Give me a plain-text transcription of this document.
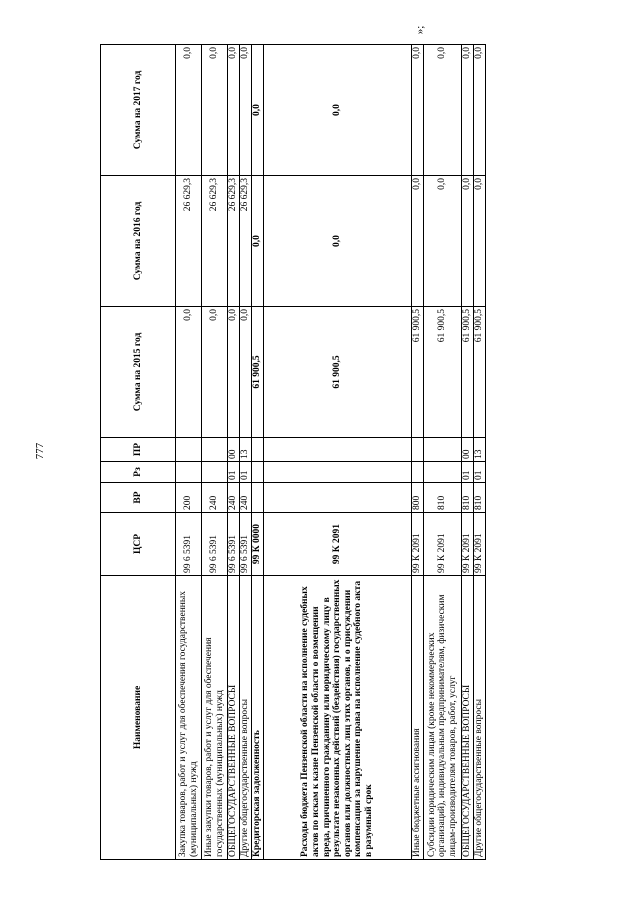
777
»;
Наименование	ЦСР	ВР	Рз	ПР	Сумма на 2015 год	Сумма на 2016 год	Сумма на 2017 год
Закупка товаров, работ и услуг для обеспечения государственных (муниципальных) нужд	99 6 5391	200			0,0	26 629,3	0,0
Иные закупки товаров, работ и услуг для обеспечения государственных (муниципальных) нужд	99 6 5391	240			0,0	26 629,3	0,0
ОБЩЕГОСУДАРСТВЕННЫЕ ВОПРОСЫ	99 6 5391	240	01	00	0,0	26 629,3	0,0
Другие общегосударственные вопросы	99 6 5391	240	01	13	0,0	26 629,3	0,0
Кредиторская задолженность	99 К 0000				61 900,5	0,0	0,0
Расходы бюджета Пензенской области на исполнение судебных актов по искам к казне Пензенской области о возмещении вреда, причиненного гражданину или юридическому лицу в результате незаконных действий (бездействия) государственных органов или должностных лиц этих органов, и о присуждении компенсации за нарушение права на исполнение судебного акта в разумный срок	99 К 2091				61 900,5	0,0	0,0
Иные бюджетные ассигнования	99 К 2091	800			61 900,5	0,0	0,0
Субсидии юридическим лицам (кроме некоммерческих организаций), индивидуальным предпринимателям, физическим лицам-производителям товаров, работ, услуг	99 К 2091	810			61 900,5	0,0	0,0
ОБЩЕГОСУДАРСТВЕННЫЕ ВОПРОСЫ	99 К 2091	810	01	00	61 900,5	0,0	0,0
Другие общегосударственные вопросы	99 К 2091	810	01	13	61 900,5	0,0	0,0
